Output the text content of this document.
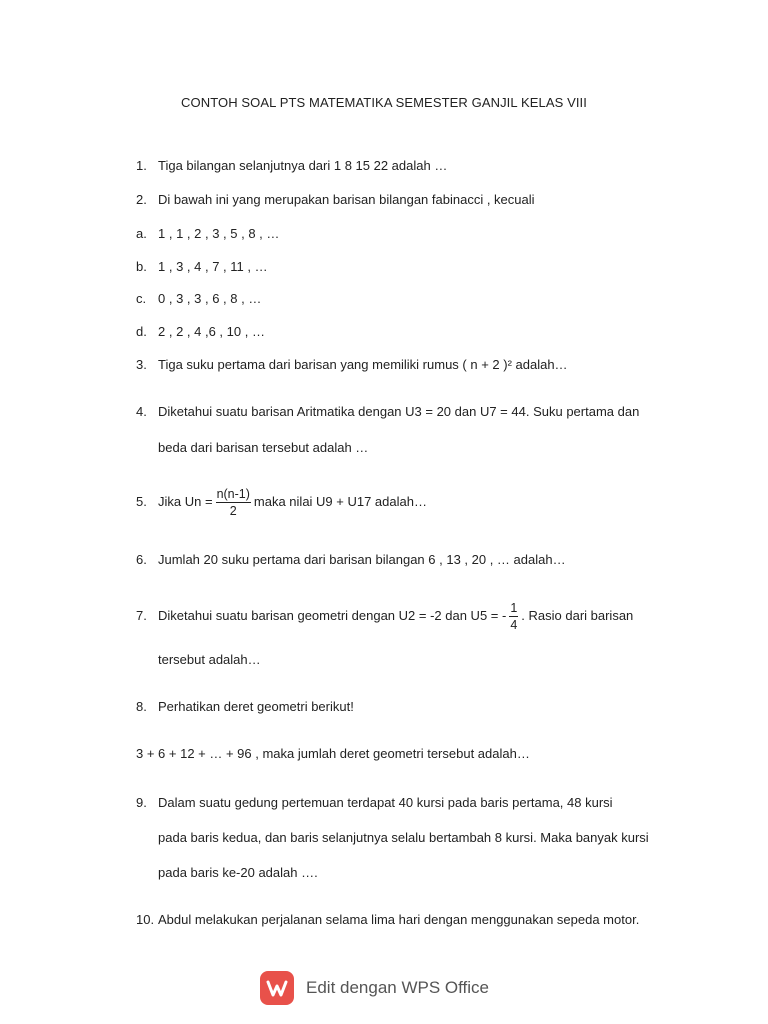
CONTOH SOAL PTS MATEMATIKA SEMESTER GANJIL KELAS VIII
1. Tiga bilangan selanjutnya dari 1 8 15 22 adalah …
2. Di bawah ini yang merupakan barisan bilangan fabinacci , kecuali
a. 1 , 1 , 2 , 3 , 5 , 8 , …
b. 1 , 3 , 4 , 7 , 11 , …
c. 0 , 3 , 3 , 6 , 8 , …
d. 2 , 2 , 4 ,6 , 10 , …
3. Tiga suku pertama dari barisan yang memiliki rumus ( n + 2 )² adalah…
4. Diketahui suatu barisan Aritmatika dengan U3 = 20 dan U7 = 44. Suku pertama dan
beda dari barisan tersebut adalah …
5. Jika $Un = \frac{n(n-1)}{2}$ maka nilai U9 + U17 adalah…
6. Jumlah 20 suku pertama dari barisan bilangan 6 , 13 , 20 , … adalah…
7. Diketahui suatu barisan geometri dengan U2 = -2 dan U5 = - $\frac{1}{4}$ . Rasio dari barisan
tersebut adalah…
8. Perhatikan deret geometri berikut!
3 + 6 + 12 + … + 96 , maka jumlah deret geometri tersebut adalah…
9. Dalam suatu gedung pertemuan terdapat 40 kursi pada baris pertama, 48 kursi
pada baris kedua, dan baris selanjutnya selalu bertambah 8 kursi. Maka banyak kursi
pada baris ke-20 adalah ….
10. Abdul melakukan perjalanan selama lima hari dengan menggunakan sepeda motor.
Edit dengan WPS Office
